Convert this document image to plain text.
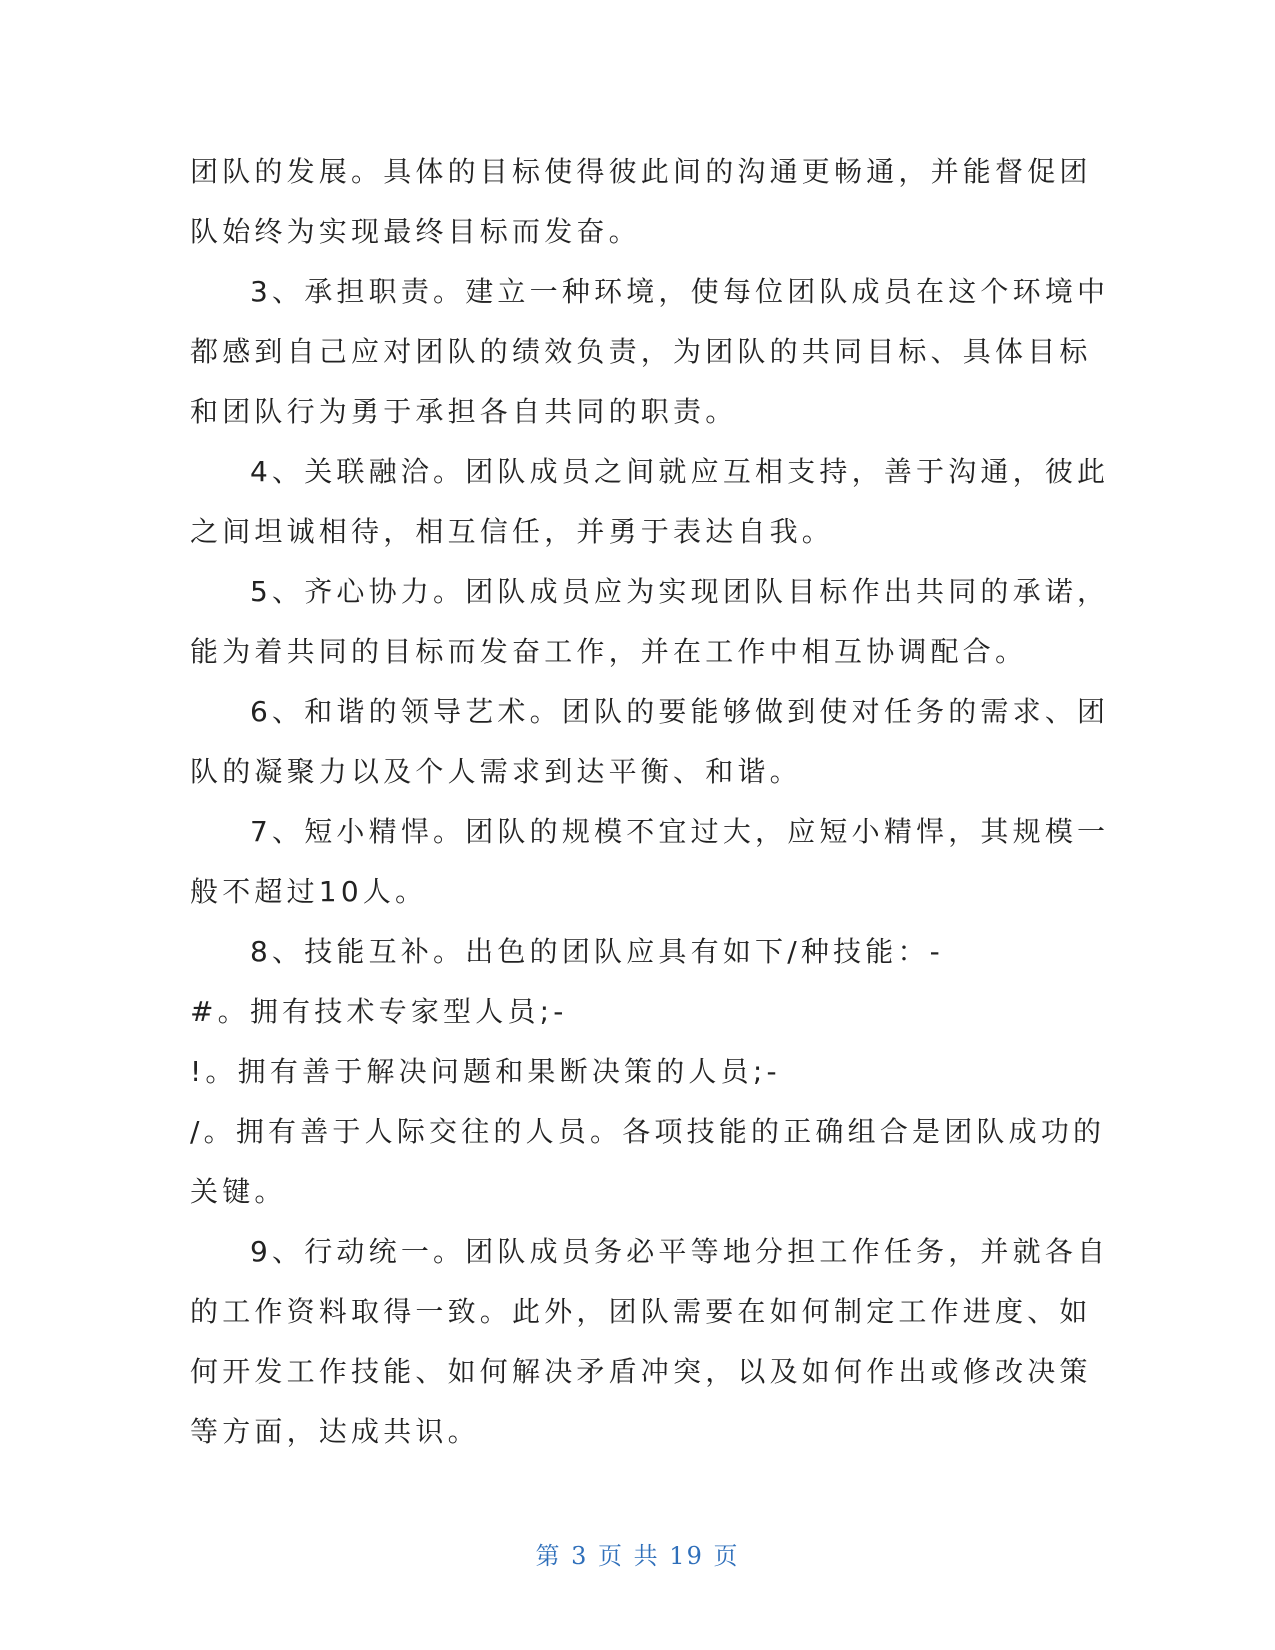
团队的发展。具体的目标使得彼此间的沟通更畅通，并能督促团
队始终为实现最终目标而发奋。
3、承担职责。建立一种环境，使每位团队成员在这个环境中
都感到自己应对团队的绩效负责，为团队的共同目标、具体目标
和团队行为勇于承担各自共同的职责。
4、关联融洽。团队成员之间就应互相支持，善于沟通，彼此
之间坦诚相待，相互信任，并勇于表达自我。
5、齐心协力。团队成员应为实现团队目标作出共同的承诺，
能为着共同的目标而发奋工作，并在工作中相互协调配合。
6、和谐的领导艺术。团队的要能够做到使对任务的需求、团
队的凝聚力以及个人需求到达平衡、和谐。
7、短小精悍。团队的规模不宜过大，应短小精悍，其规模一
般不超过10人。
8、技能互补。出色的团队应具有如下/种技能：-
#。拥有技术专家型人员;-
!。拥有善于解决问题和果断决策的人员;-
/。拥有善于人际交往的人员。各项技能的正确组合是团队成功的
关键。
9、行动统一。团队成员务必平等地分担工作任务，并就各自
的工作资料取得一致。此外，团队需要在如何制定工作进度、如
何开发工作技能、如何解决矛盾冲突，以及如何作出或修改决策
等方面，达成共识。
第 3 页 共 19 页
